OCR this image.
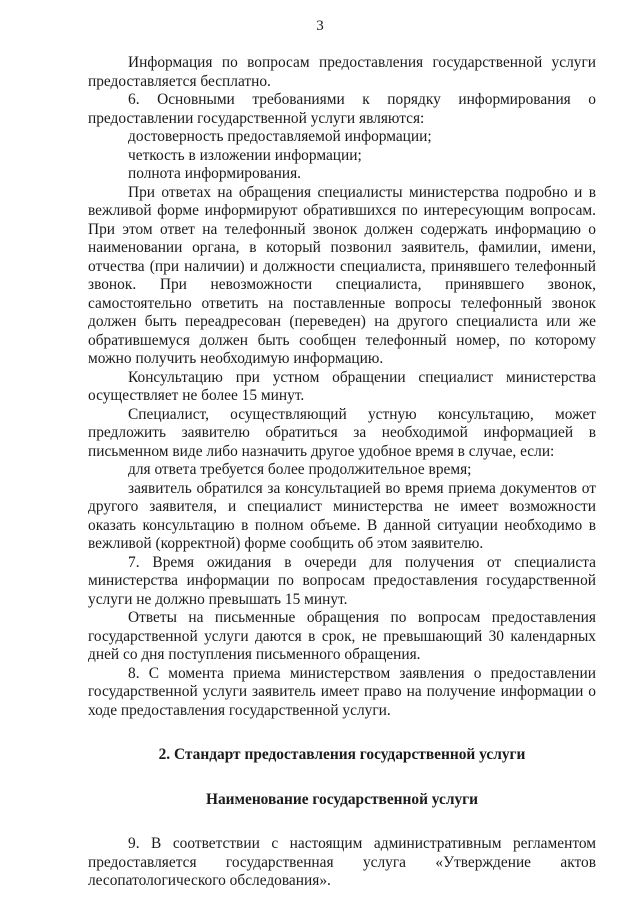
3

Информация по вопросам предоставления государственной услуги предоставляется бесплатно.

6. Основными требованиями к порядку информирования о предоставлении государственной услуги являются:

достоверность предоставляемой информации;

четкость в изложении информации;

полнота информирования.

При ответах на обращения специалисты министерства подробно и в вежливой форме информируют обратившихся по интересующим вопросам. При этом ответ на телефонный звонок должен содержать информацию о наименовании органа, в который позвонил заявитель, фамилии, имени, отчества (при наличии) и должности специалиста, принявшего телефонный звонок. При невозможности специалиста, принявшего звонок, самостоятельно ответить на поставленные вопросы телефонный звонок должен быть переадресован (переведен) на другого специалиста или же обратившемуся должен быть сообщен телефонный номер, по которому можно получить необходимую информацию.

Консультацию при устном обращении специалист министерства осуществляет не более 15 минут.

Специалист, осуществляющий устную консультацию, может предложить заявителю обратиться за необходимой информацией в письменном виде либо назначить другое удобное время в случае, если:

для ответа требуется более продолжительное время;

заявитель обратился за консультацией во время приема документов от другого заявителя, и специалист министерства не имеет возможности оказать консультацию в полном объеме. В данной ситуации необходимо в вежливой (корректной) форме сообщить об этом заявителю.

7. Время ожидания в очереди для получения от специалиста министерства информации по вопросам предоставления государственной услуги не должно превышать 15 минут.

Ответы на письменные обращения по вопросам предоставления государственной услуги даются в срок, не превышающий 30 календарных дней со дня поступления письменного обращения.

8. С момента приема министерством заявления о предоставлении государственной услуги заявитель имеет право на получение информации о ходе предоставления государственной услуги.

2. Стандарт предоставления государственной услуги

Наименование государственной услуги

9. В соответствии с настоящим административным регламентом предоставляется государственная услуга «Утверждение актов лесопатологического обследования».
